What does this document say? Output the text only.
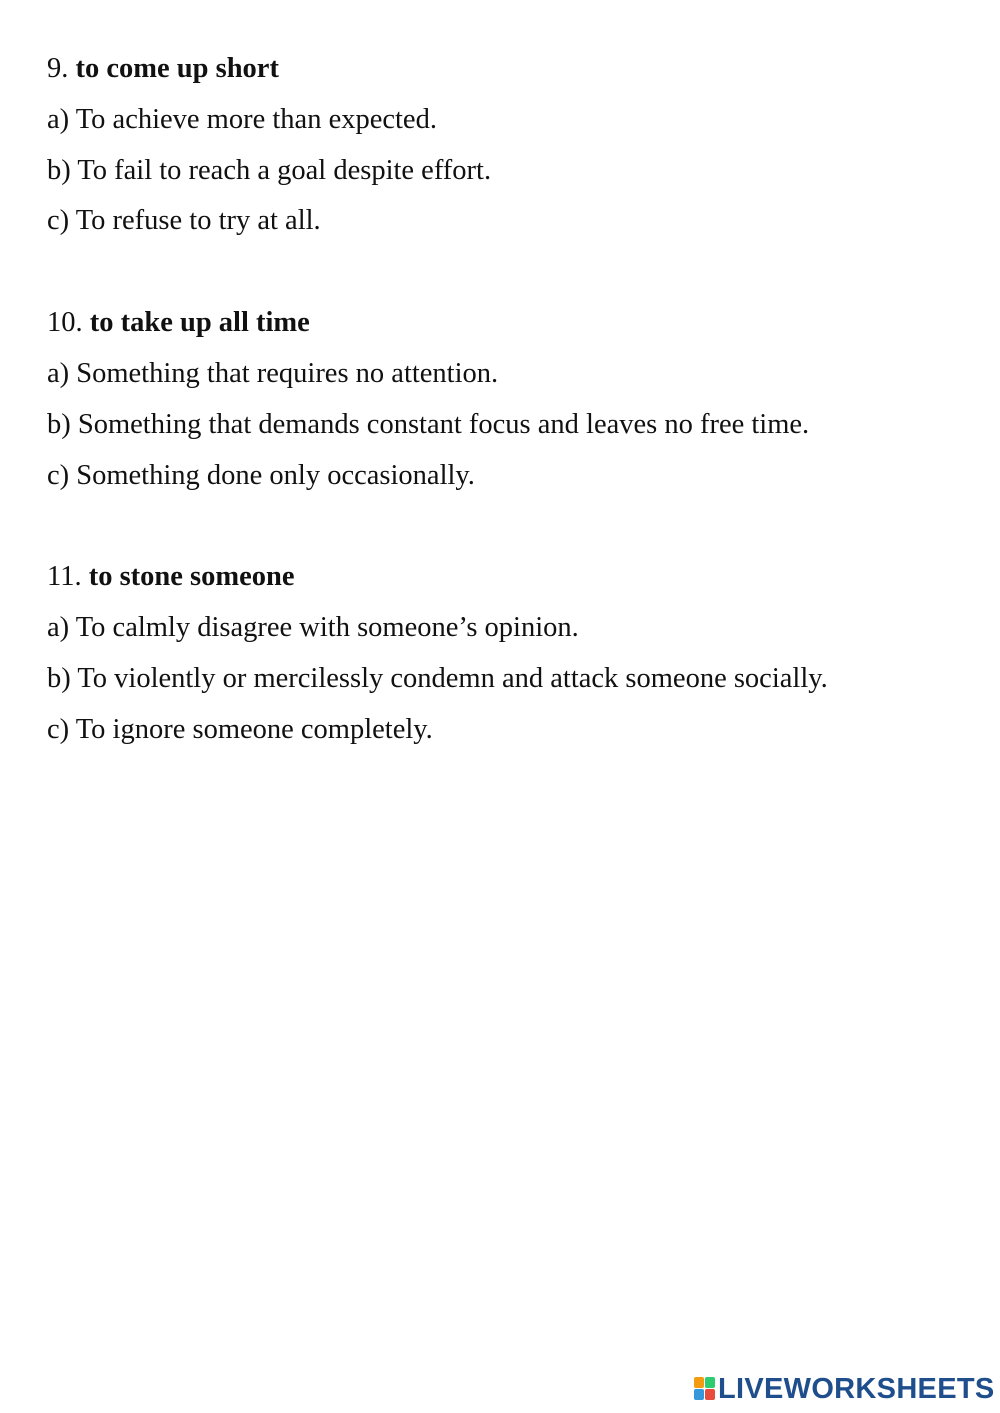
9. to come up short
a) To achieve more than expected.
b) To fail to reach a goal despite effort.
c) To refuse to try at all.
10. to take up all time
a) Something that requires no attention.
b) Something that demands constant focus and leaves no free time.
c) Something done only occasionally.
11. to stone someone
a) To calmly disagree with someone’s opinion.
b) To violently or mercilessly condemn and attack someone socially.
c) To ignore someone completely.
LIVEWORKSHEETS
